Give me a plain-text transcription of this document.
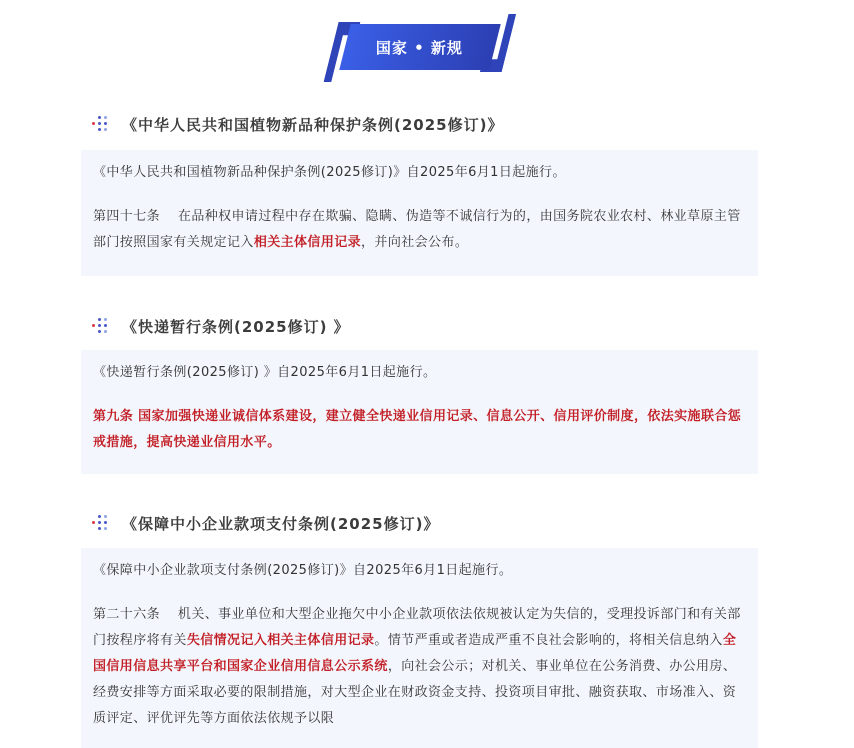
国家 • 新规
《中华人民共和国植物新品种保护条例(2025修订)》

《中华人民共和国植物新品种保护条例(2025修订)》自2025年6月1日起施行。

第四十七条　 在品种权申请过程中存在欺骗、隐瞒、伪造等不诚信行为的，由国务院农业农村、林业草原主管部门按照国家有关规定记入相关主体信用记录，并向社会公布。

《快递暂行条例(2025修订) 》

《快递暂行条例(2025修订) 》自2025年6月1日起施行。

第九条 国家加强快递业诚信体系建设，建立健全快递业信用记录、信息公开、信用评价制度，依法实施联合惩戒措施，提高快递业信用水平。

《保障中小企业款项支付条例(2025修订)》

《保障中小企业款项支付条例(2025修订)》自2025年6月1日起施行。

第二十六条　 机关、事业单位和大型企业拖欠中小企业款项依法依规被认定为失信的，受理投诉部门和有关部门按程序将有关失信情况记入相关主体信用记录。情节严重或者造成严重不良社会影响的，将相关信息纳入全国信用信息共享平台和国家企业信用信息公示系统，向社会公示；对机关、事业单位在公务消费、办公用房、经费安排等方面采取必要的限制措施，对大型企业在财政资金支持、投资项目审批、融资获取、市场准入、资质评定、评优评先等方面依法依规予以限
